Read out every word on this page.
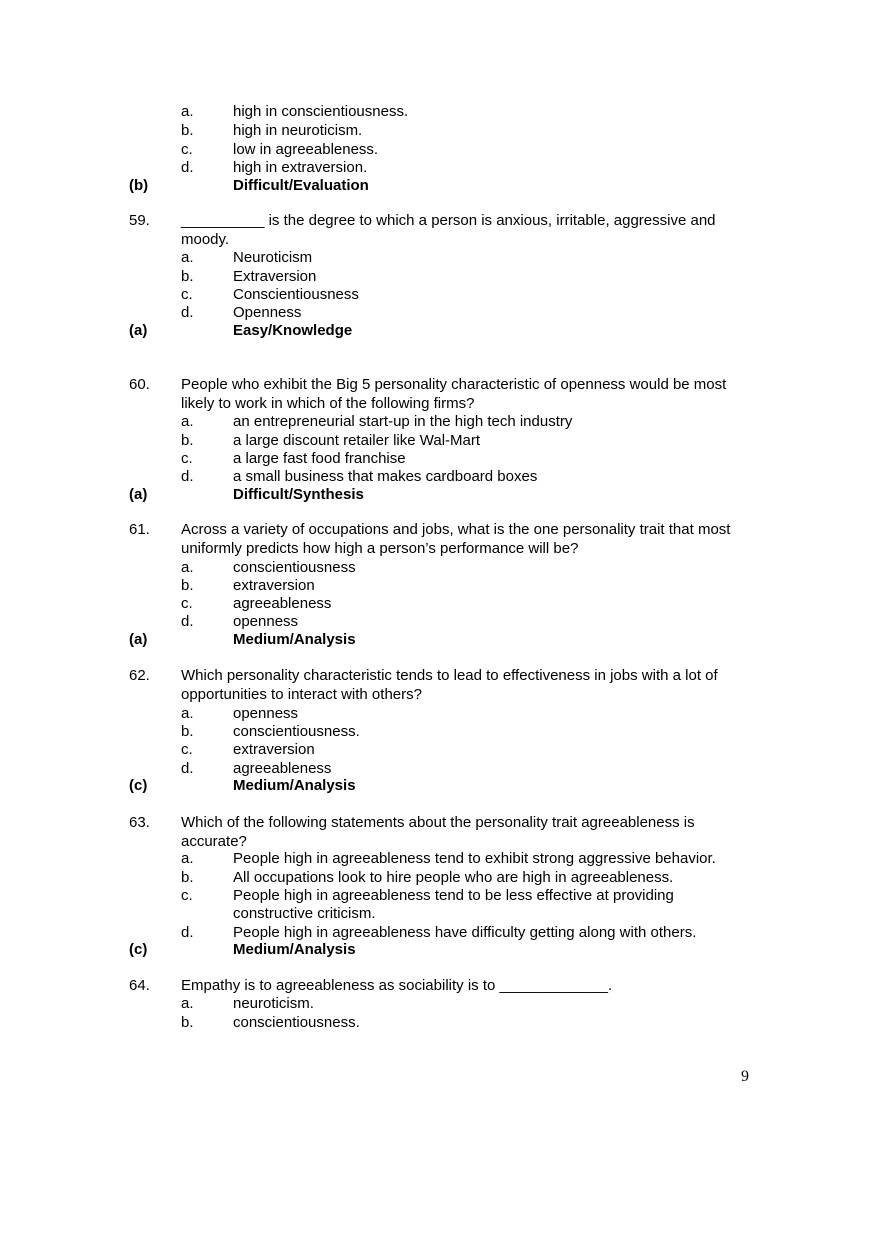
a.	high in conscientiousness.
b.	high in neuroticism.
c.	low in agreeableness.
d.	high in extraversion.
(b)	Difficult/Evaluation
59. __________ is the degree to which a person is anxious, irritable, aggressive and moody.
a.	Neuroticism
b.	Extraversion
c.	Conscientiousness
d.	Openness
(a)	Easy/Knowledge
60. People who exhibit the Big 5 personality characteristic of openness would be most likely to work in which of the following firms?
a.	an entrepreneurial start-up in the high tech industry
b.	a large discount retailer like Wal-Mart
c.	a large fast food franchise
d.	a small business that makes cardboard boxes
(a)	Difficult/Synthesis
61. Across a variety of occupations and jobs, what is the one personality trait that most uniformly predicts how high a person’s performance will be?
a.	conscientiousness
b.	extraversion
c.	agreeableness
d.	openness
(a)	Medium/Analysis
62. Which personality characteristic tends to lead to effectiveness in jobs with a lot of opportunities to interact with others?
a.	openness
b.	conscientiousness.
c.	extraversion
d.	agreeableness
(c)	Medium/Analysis
63. Which of the following statements about the personality trait agreeableness is accurate?
a.	People high in agreeableness tend to exhibit strong aggressive behavior.
b.	All occupations look to hire people who are high in agreeableness.
c.	People high in agreeableness tend to be less effective at providing constructive criticism.
d.	People high in agreeableness have difficulty getting along with others.
(c)	Medium/Analysis
64. Empathy is to agreeableness as sociability is to _____________.
a.	neuroticism.
b.	conscientiousness.
9
